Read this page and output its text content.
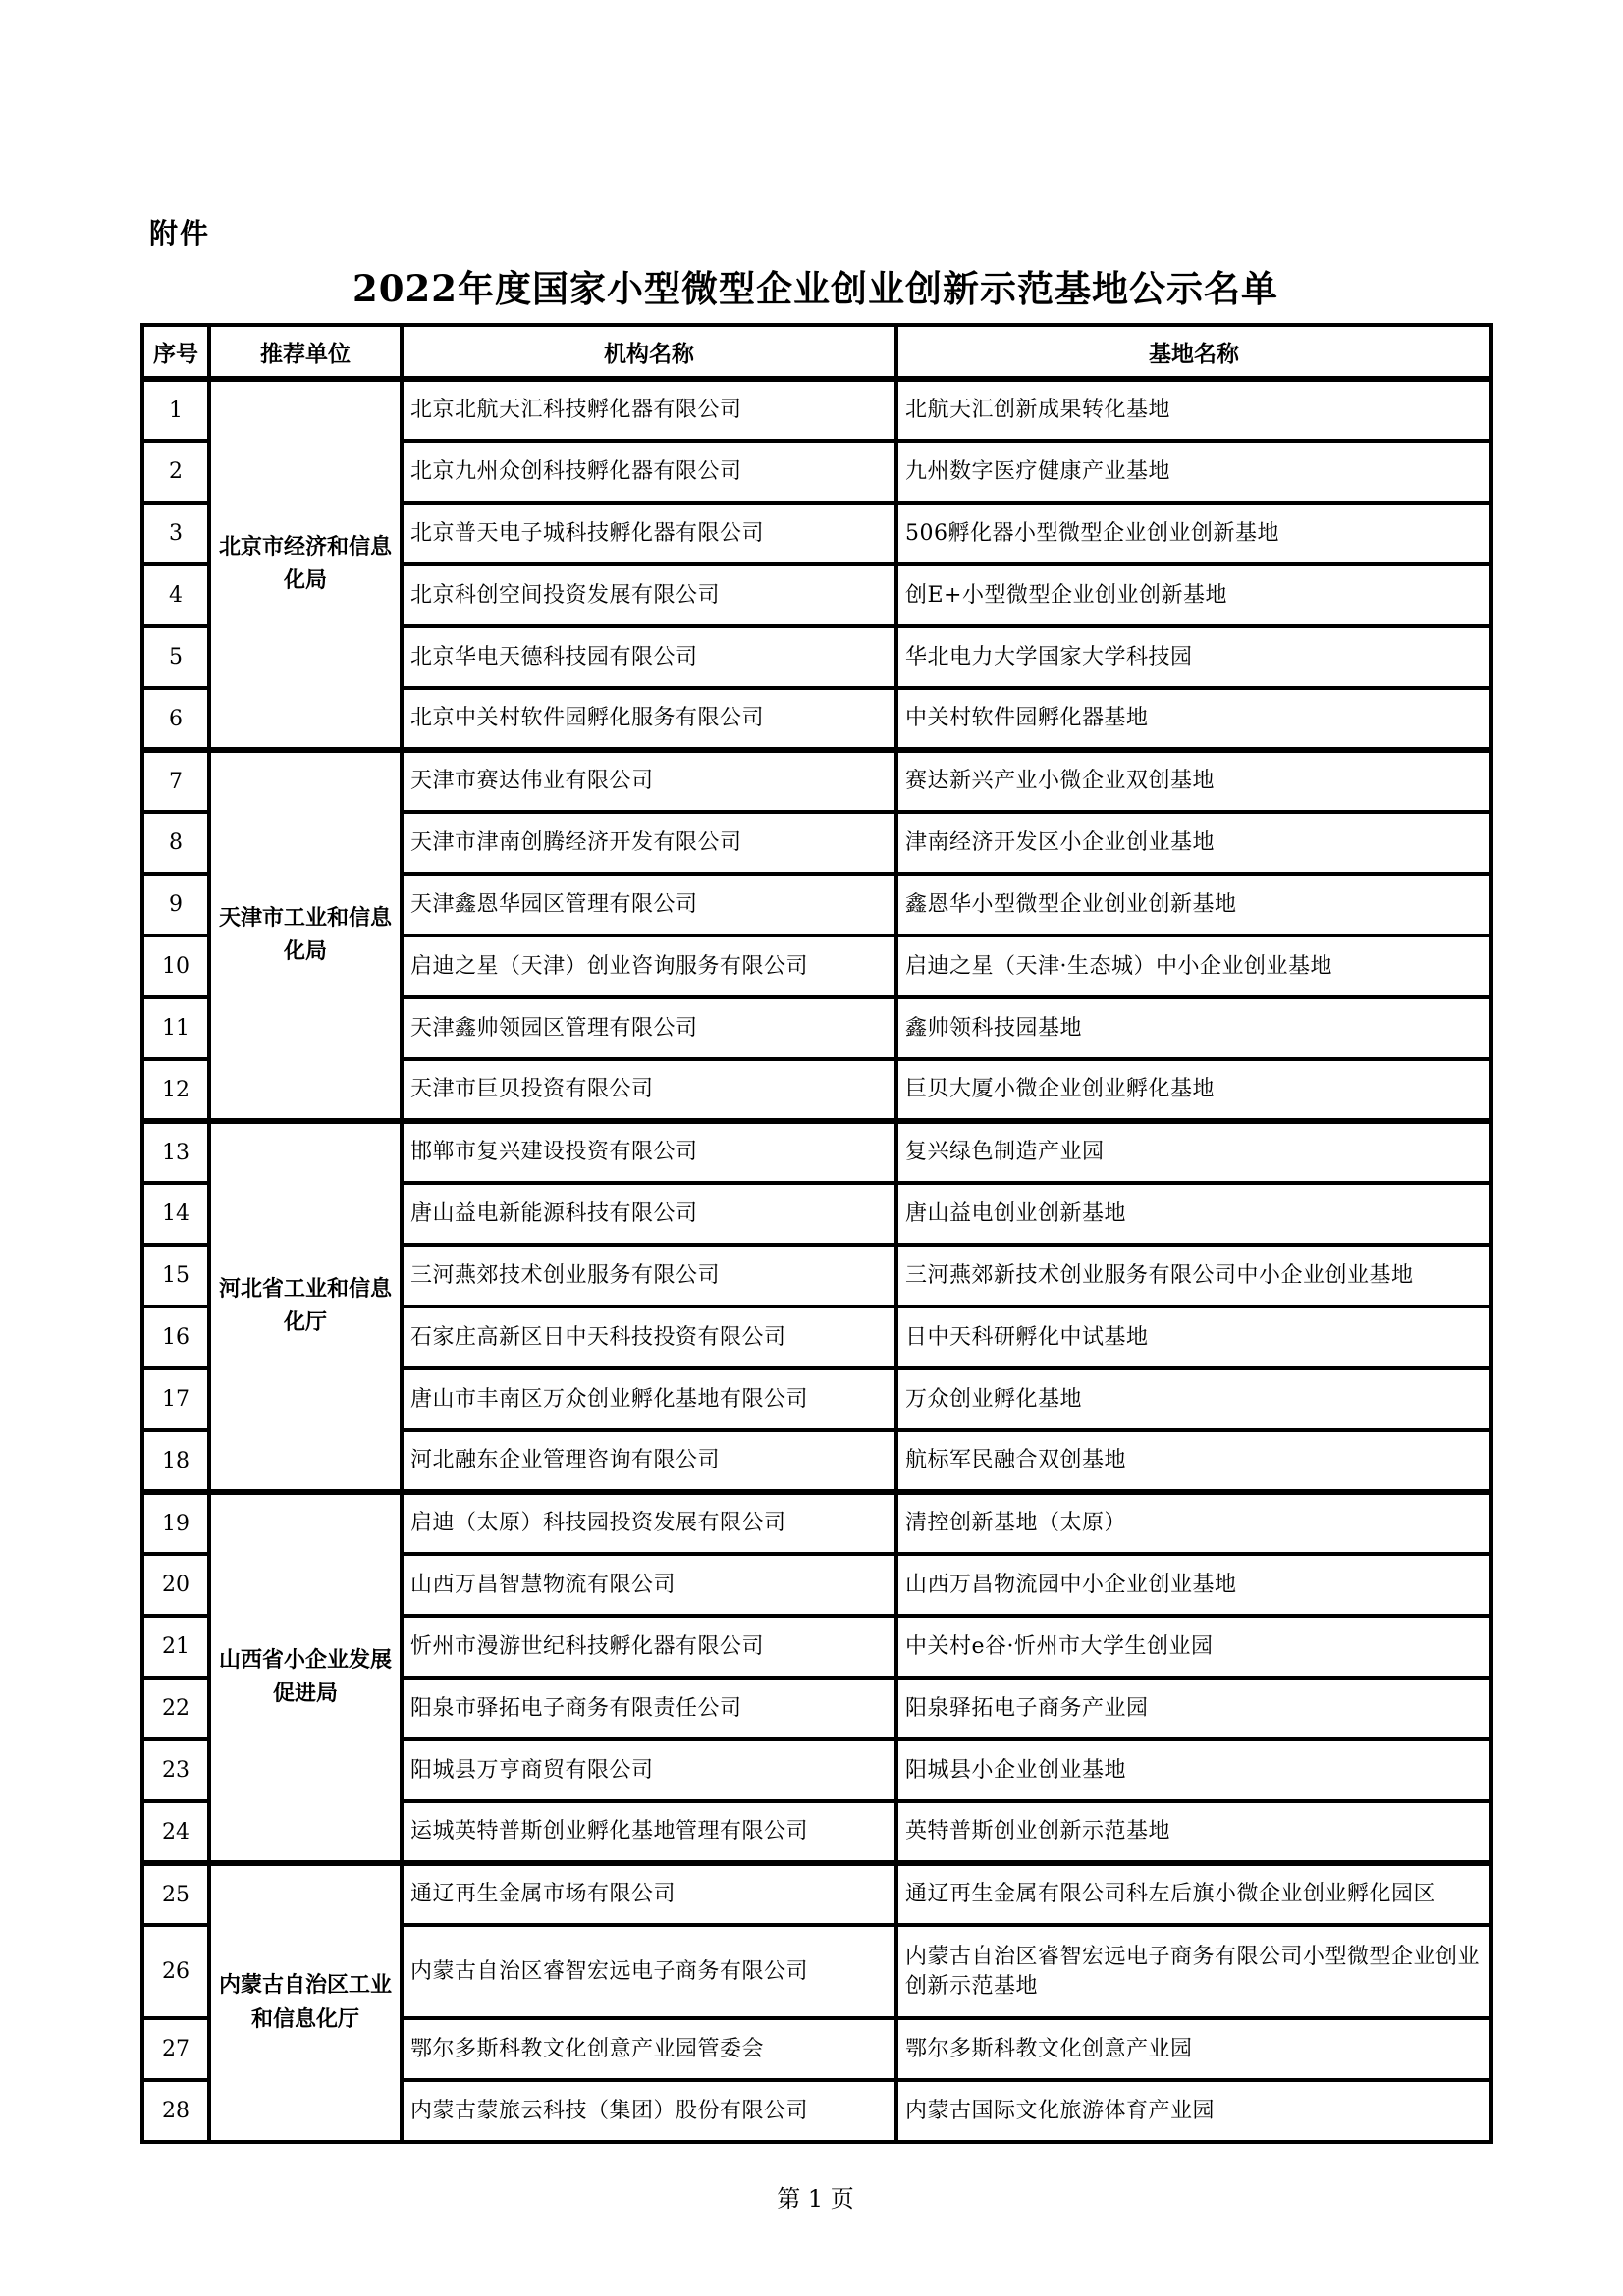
附件
2022年度国家小型微型企业创业创新示范基地公示名单
序号	推荐单位	机构名称	基地名称
1	北京市经济和信息化局	北京北航天汇科技孵化器有限公司	北航天汇创新成果转化基地
2		北京九州众创科技孵化器有限公司	九州数字医疗健康产业基地
3		北京普天电子城科技孵化器有限公司	506孵化器小型微型企业创业创新基地
4		北京科创空间投资发展有限公司	创E+小型微型企业创业创新基地
5		北京华电天德科技园有限公司	华北电力大学国家大学科技园
6		北京中关村软件园孵化服务有限公司	中关村软件园孵化器基地
7	天津市工业和信息化局	天津市赛达伟业有限公司	赛达新兴产业小微企业双创基地
8		天津市津南创腾经济开发有限公司	津南经济开发区小企业创业基地
9		天津鑫恩华园区管理有限公司	鑫恩华小型微型企业创业创新基地
10		启迪之星（天津）创业咨询服务有限公司	启迪之星（天津·生态城）中小企业创业基地
11		天津鑫帅领园区管理有限公司	鑫帅领科技园基地
12		天津市巨贝投资有限公司	巨贝大厦小微企业创业孵化基地
13	河北省工业和信息化厅	邯郸市复兴建设投资有限公司	复兴绿色制造产业园
14		唐山益电新能源科技有限公司	唐山益电创业创新基地
15		三河燕郊技术创业服务有限公司	三河燕郊新技术创业服务有限公司中小企业创业基地
16		石家庄高新区日中天科技投资有限公司	日中天科研孵化中试基地
17		唐山市丰南区万众创业孵化基地有限公司	万众创业孵化基地
18		河北融东企业管理咨询有限公司	航标军民融合双创基地
19	山西省小企业发展促进局	启迪（太原）科技园投资发展有限公司	清控创新基地（太原）
20		山西万昌智慧物流有限公司	山西万昌物流园中小企业创业基地
21		忻州市漫游世纪科技孵化器有限公司	中关村e谷·忻州市大学生创业园
22		阳泉市驿拓电子商务有限责任公司	阳泉驿拓电子商务产业园
23		阳城县万亨商贸有限公司	阳城县小企业创业基地
24		运城英特普斯创业孵化基地管理有限公司	英特普斯创业创新示范基地
25	内蒙古自治区工业和信息化厅	通辽再生金属市场有限公司	通辽再生金属有限公司科左后旗小微企业创业孵化园区
26		内蒙古自治区睿智宏远电子商务有限公司	内蒙古自治区睿智宏远电子商务有限公司小型微型企业创业创新示范基地
27		鄂尔多斯科教文化创意产业园管委会	鄂尔多斯科教文化创意产业园
28		内蒙古蒙旅云科技（集团）股份有限公司	内蒙古国际文化旅游体育产业园
第 1 页
